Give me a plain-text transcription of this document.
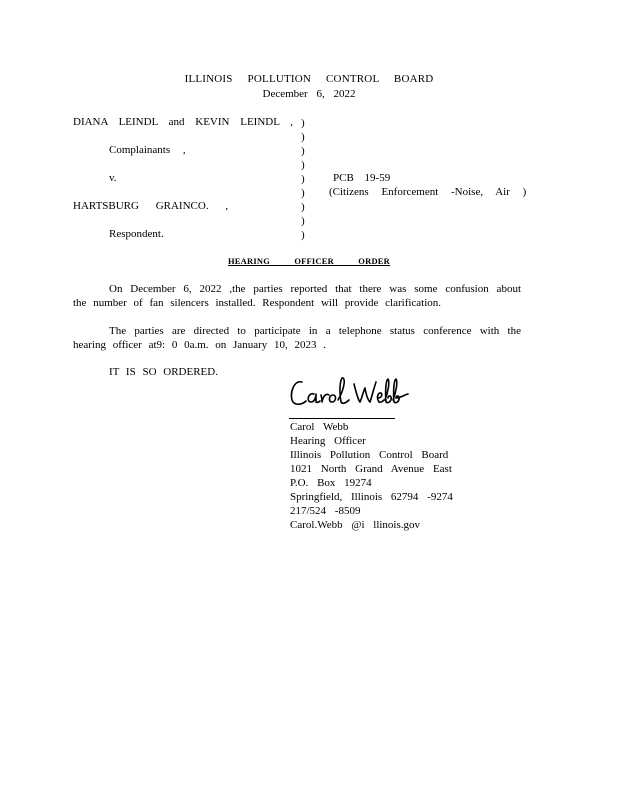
ILLINOIS POLLUTION CONTROL BOARD
December 6, 2022
DIANA LEINDL and KEVIN LEINDL ,
Complainants ,
v.
HARTSBURG GRAINCO. ,
Respondent.
)
)
)
)
)
)
)
)
)
PCB 19-59
(Citizens Enforcement -Noise, Air )
HEARING OFFICER ORDER
On December 6, 2022 ,the parties reported that there was some confusion about the number of fan silencers installed. Respondent will provide clarification.
The parties are directed to participate in a telephone status conference with the hearing officer at9: 0 0a.m. on January 10, 2023 .
IT IS SO ORDERED.
Carol Webb
Hearing Officer
Illinois Pollution Control Board
1021 North Grand Avenue East
P.O. Box 19274
Springfield, Illinois 62794 -9274
217/524 -8509
Carol.Webb @i llinois.gov
